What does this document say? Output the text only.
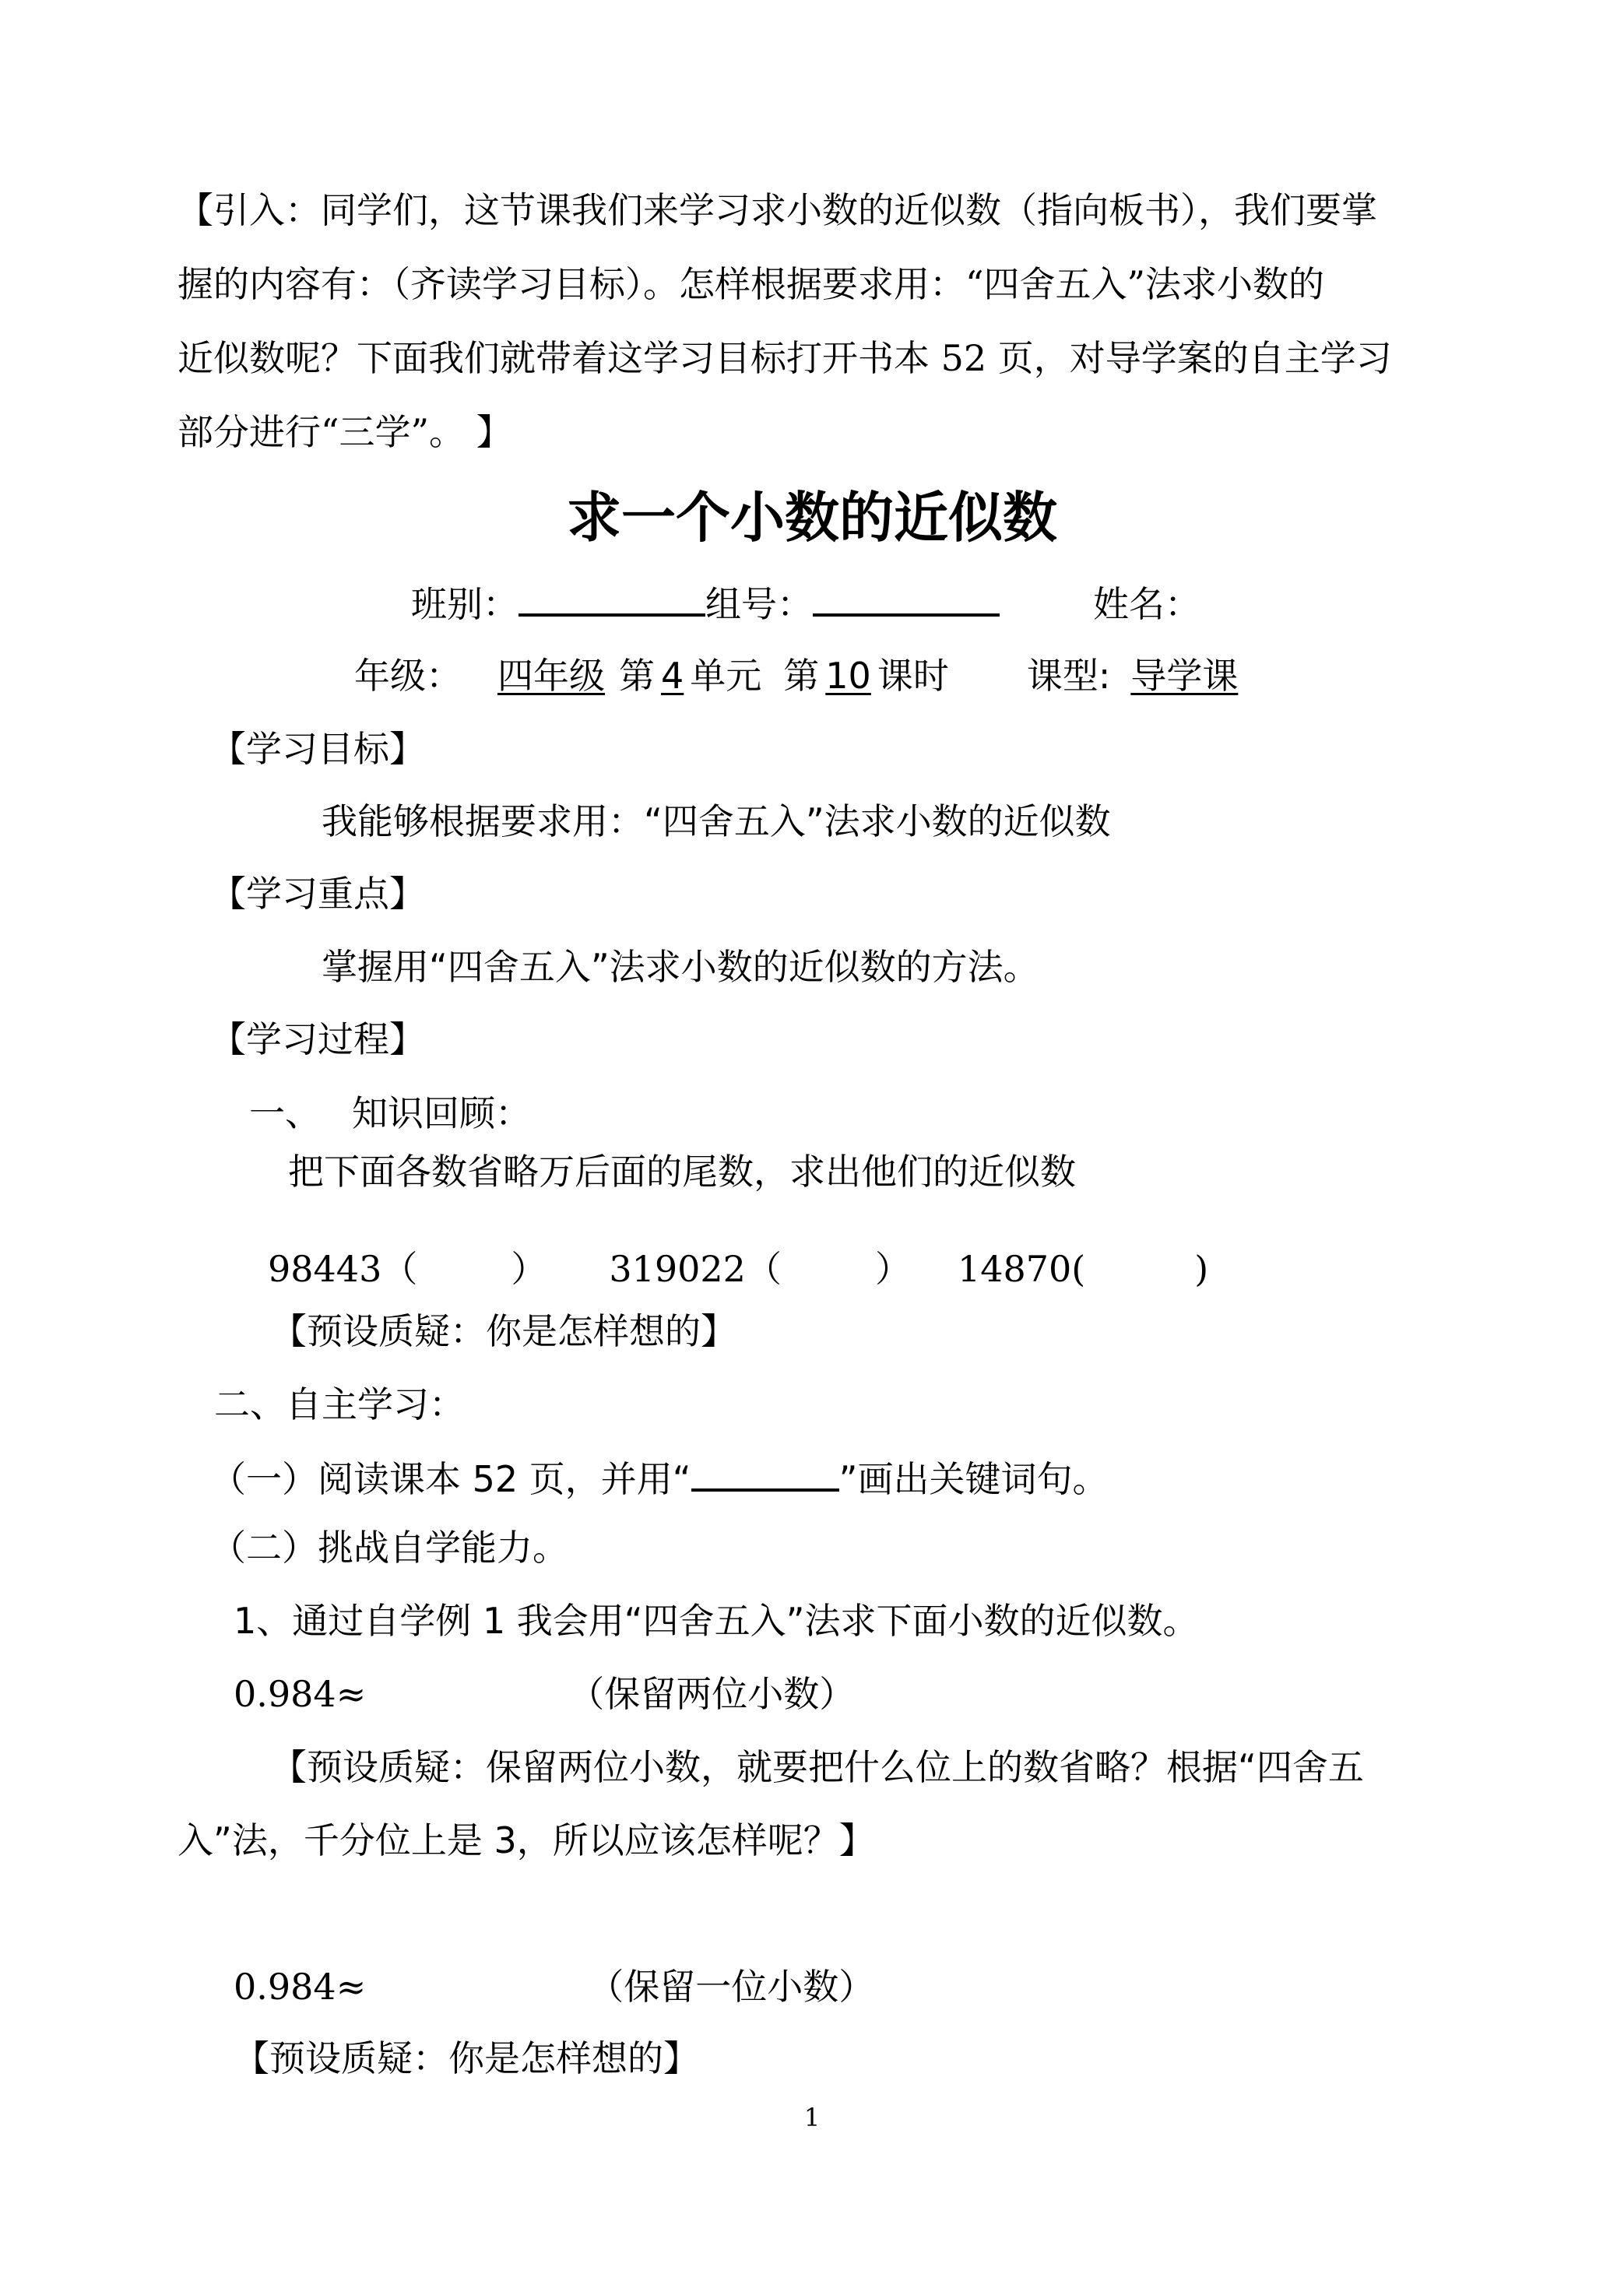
【引入：同学们，这节课我们来学习求小数的近似数（指向板书），我们要掌
握的内容有：（齐读学习目标）。怎样根据要求用：“四舍五入”法求小数的
近似数呢？下面我们就带着这学习目标打开书本 52 页，对导学案的自主学习
部分进行“三学”。 】
求一个小数的近似数
班别：	组号：	姓名：
年级： 四年级 第 4 单元 第 10 课时 课型: 导学课
【学习目标】
我能够根据要求用：“四舍五入”法求小数的近似数
【学习重点】
掌握用“四舍五入”法求小数的近似数的方法。
【学习过程】
一、 知识回顾：
把下面各数省略万后面的尾数，求出他们的近似数
98443（	） 319022（	） 14870(	)
【预设质疑：你是怎样想的】
二、自主学习：
（一）阅读课本 52 页，并用“	”画出关键词句。
（二）挑战自学能力。
1、通过自学例 1 我会用“四舍五入”法求下面小数的近似数。
0.984≈	（保留两位小数）
【预设质疑：保留两位小数，就要把什么位上的数省略？根据“四舍五
入”法，千分位上是 3，所以应该怎样呢？】
0.984≈	（保留一位小数）
【预设质疑：你是怎样想的】
1
